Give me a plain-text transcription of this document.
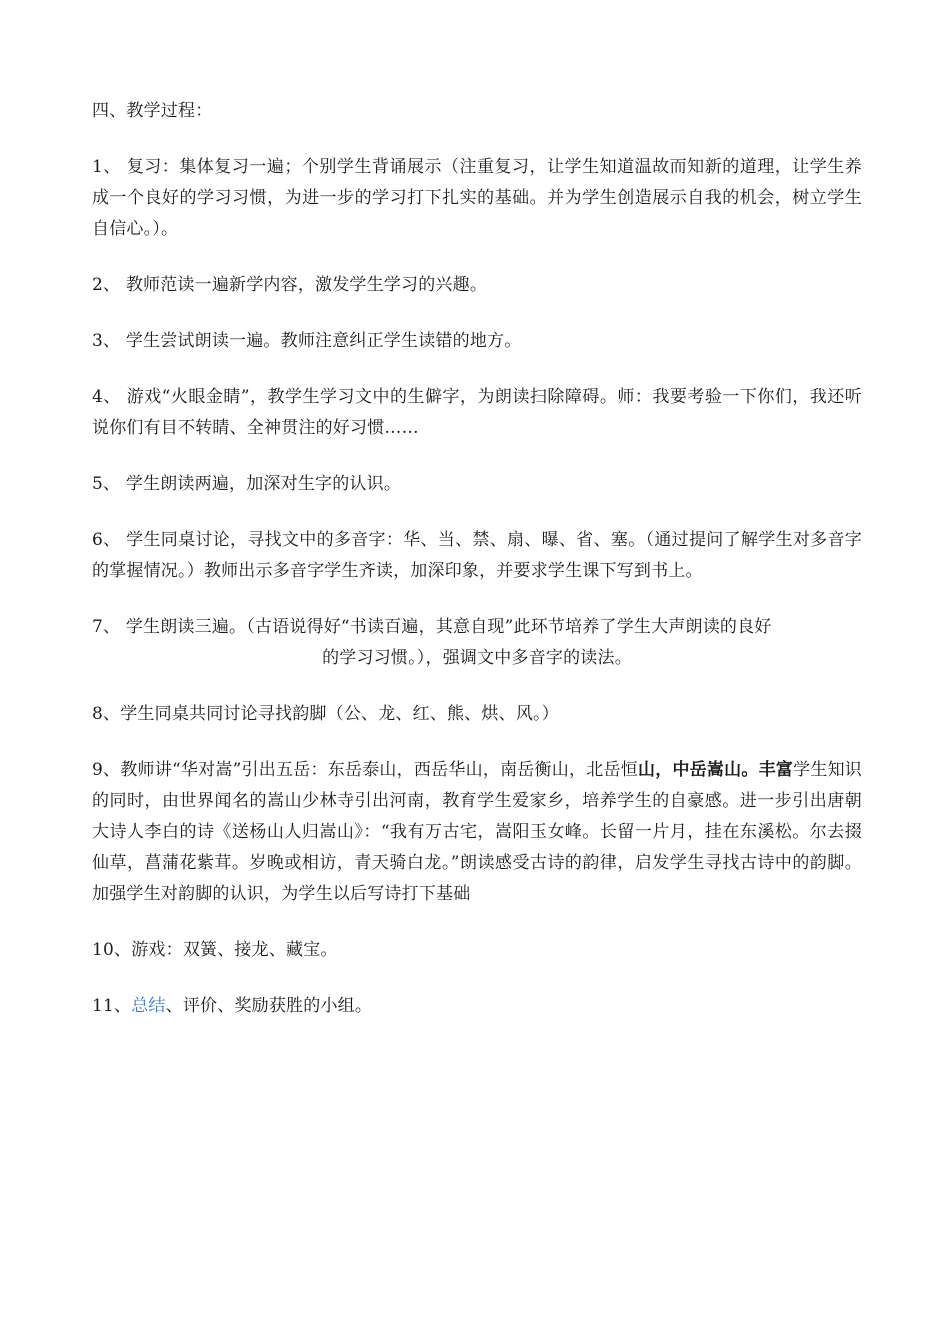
四、教学过程：

1、 复习：集体复习一遍；个别学生背诵展示（注重复习，让学生知道温故而知新的道理，让学生养成一个良好的学习习惯，为进一步的学习打下扎实的基础。并为学生创造展示自我的机会，树立学生自信心。）。

2、 教师范读一遍新学内容，激发学生学习的兴趣。

3、 学生尝试朗读一遍。教师注意纠正学生读错的地方。

4、 游戏“火眼金睛”，教学生学习文中的生僻字，为朗读扫除障碍。师：我要考验一下你们，我还听说你们有目不转睛、全神贯注的好习惯……

5、 学生朗读两遍，加深对生字的认识。

6、 学生同桌讨论，寻找文中的多音字：华、当、禁、扇、曝、省、塞。（通过提问了解学生对多音字的掌握情况。）教师出示多音字学生齐读，加深印象，并要求学生课下写到书上。

7、 学生朗读三遍。（古语说得好“书读百遍，其意自现”此环节培养了学生大声朗读的良好
的学习习惯。），强调文中多音字的读法。

8、学生同桌共同讨论寻找韵脚（公、龙、红、熊、烘、风。）

9、教师讲“华对嵩”引出五岳：东岳泰山，西岳华山，南岳衡山，北岳恒山，中岳嵩山。丰富学生知识的同时，由世界闻名的嵩山少林寺引出河南，教育学生爱家乡，培养学生的自豪感。进一步引出唐朝大诗人李白的诗《送杨山人归嵩山》：“我有万古宅，嵩阳玉女峰。长留一片月，挂在东溪松。尔去掇仙草，菖蒲花紫茸。岁晚或相访，青天骑白龙。”朗读感受古诗的韵律，启发学生寻找古诗中的韵脚。加强学生对韵脚的认识，为学生以后写诗打下基础

10、游戏：双簧、接龙、藏宝。

11、总结、评价、奖励获胜的小组。
